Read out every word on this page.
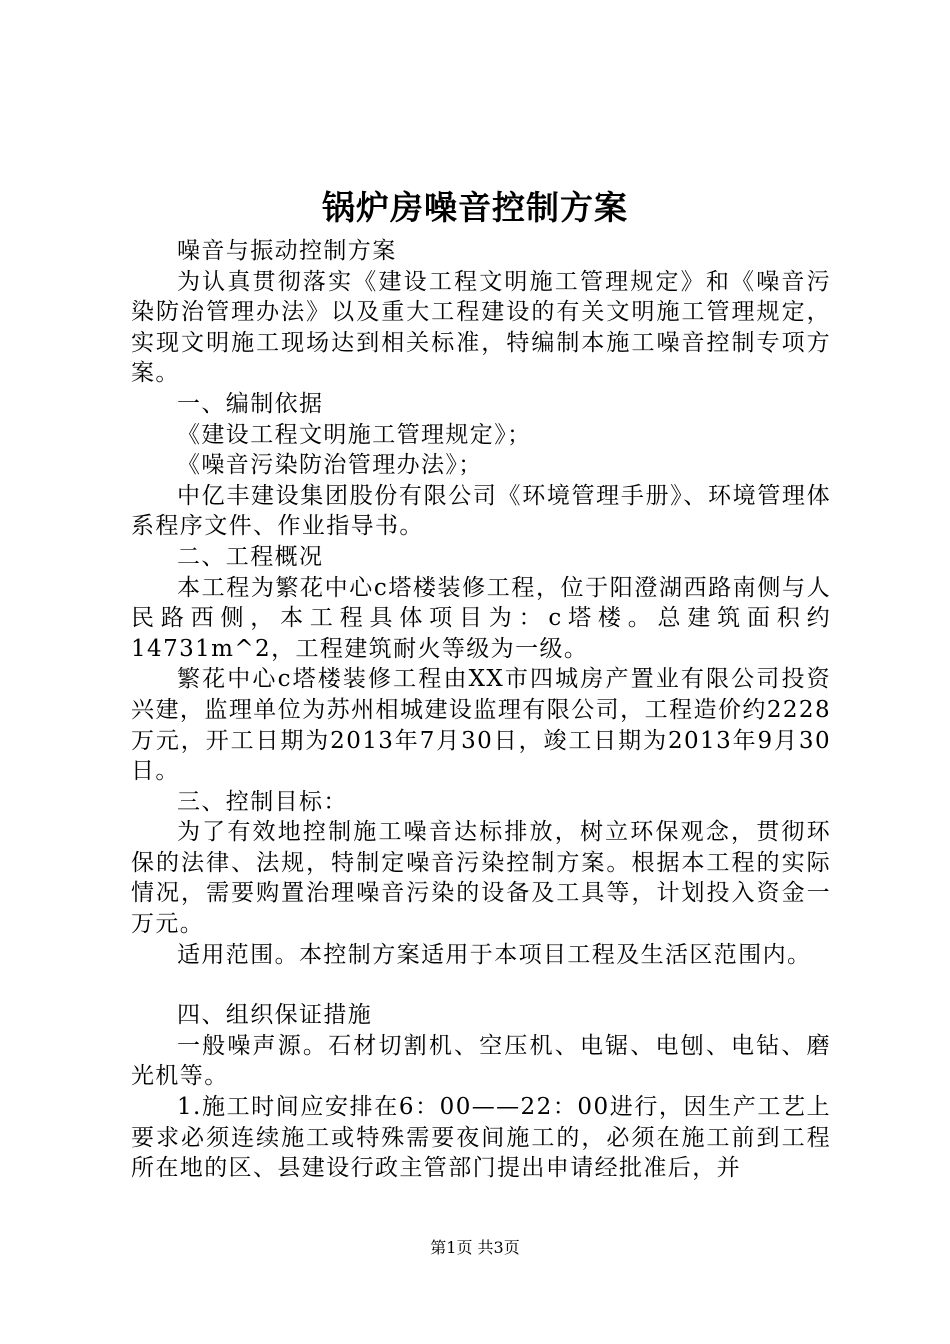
锅炉房噪音控制方案

噪音与振动控制方案

为认真贯彻落实《建设工程文明施工管理规定》和《噪音污染防治管理办法》以及重大工程建设的有关文明施工管理规定，实现文明施工现场达到相关标准，特编制本施工噪音控制专项方案。

一、编制依据

《建设工程文明施工管理规定》；

《噪音污染防治管理办法》；

中亿丰建设集团股份有限公司《环境管理手册》、环境管理体系程序文件、作业指导书。

二、工程概况

本工程为繁花中心c塔楼装修工程，位于阳澄湖西路南侧与人民路西侧，本工程具体项目为：c塔楼。总建筑面积约14731m^2，工程建筑耐火等级为一级。

繁花中心c塔楼装修工程由XX市四城房产置业有限公司投资兴建，监理单位为苏州相城建设监理有限公司，工程造价约2228万元，开工日期为2013年7月30日，竣工日期为2013年9月30日。

三、控制目标：

为了有效地控制施工噪音达标排放，树立环保观念，贯彻环保的法律、法规，特制定噪音污染控制方案。根据本工程的实际情况，需要购置治理噪音污染的设备及工具等，计划投入资金一万元。

适用范围。本控制方案适用于本项目工程及生活区范围内。

四、组织保证措施

一般噪声源。石材切割机、空压机、电锯、电刨、电钻、磨光机等。

1.施工时间应安排在6：00——22：00进行，因生产工艺上要求必须连续施工或特殊需要夜间施工的，必须在施工前到工程所在地的区、县建设行政主管部门提出申请经批准后，并

第1页 共3页
